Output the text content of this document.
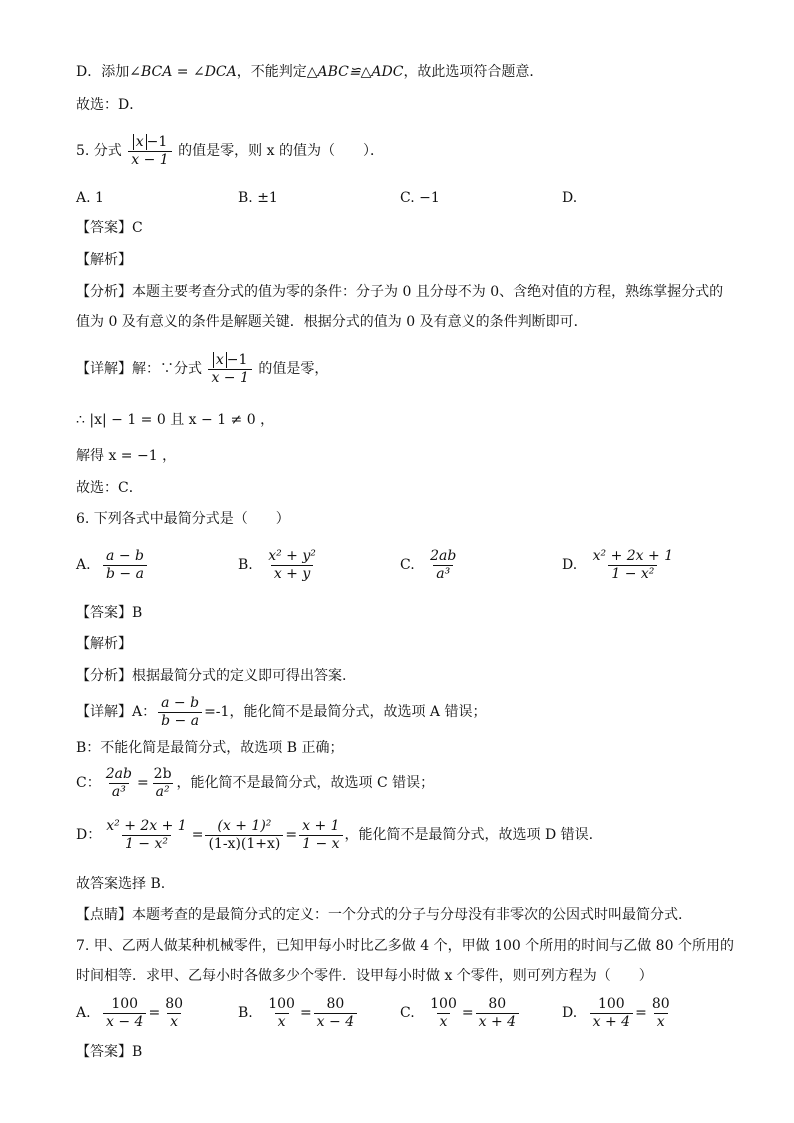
D．添加∠BCA = ∠DCA，不能判定△ABC≌△ADC，故此选项符合题意．
故选：D．
5. 分式 $\frac{x -1}{x - 1}$ 的值是零，则 x 的值为（　　）．
A. 1	B. ±1	C. −1	D.
【答案】C
【解析】
【分析】本题主要考查分式的值为零的条件：分子为 0 且分母不为 0、含绝对值的方程，熟练掌握分式的
值为 0 及有意义的条件是解题关键．根据分式的值为 0 及有意义的条件判断即可．
【详解】解：∵分式 $\frac{x -1}{x - 1}$ 的值是零，
∴ |x| − 1 = 0 且 x − 1 ≠ 0 ，
解得 x = −1 ，
故选：C．
6. 下列各式中最简分式是（　　）
A. $\frac{a - b}{b - a}$	B. $\frac{\text{x² + y²}}{x + y}$	C. $\frac{2ab}{\text{a³}}$	D. $\frac{\text{x² + 2x + 1}}{\text{1 − x²}}$
【答案】B
【解析】
【分析】根据最简分式的定义即可得出答案.
【详解】A： $\frac{a - b}{b - a} =-1$，能化简不是最简分式，故选项 A 错误；
B：不能化简是最简分式，故选项 B 正确；
C： $\frac{2ab}{\text{a³}} = \frac{2b}{\text{a²}}$ ，能化简不是最简分式，故选项 C 错误；
D： $\frac{\text{x² + 2x + 1}}{\text{1 − x²}} = \frac{\text{(x + 1)²}}{(1-x)(1+x)} = \frac{x + 1}{1 - x}$ ，能化简不是最简分式，故选项 D 错误.
故答案选择 B.
【点睛】本题考查的是最简分式的定义：一个分式的分子与分母没有非零次的公因式时叫最简分式.
7. 甲、乙两人做某种机械零件，已知甲每小时比乙多做 4 个，甲做 100 个所用的时间与乙做 80 个所用的
时间相等．求甲、乙每小时各做多少个零件．设甲每小时做 x 个零件，则可列方程为（　　）
A. $\frac{100}{x - 4} = \frac{80}{x}$	B. $\frac{100}{x} = \frac{80}{x - 4}$	C. $\frac{100}{x} = \frac{80}{x + 4}$	D. $\frac{100}{x + 4} = \frac{80}{x}$
【答案】B
